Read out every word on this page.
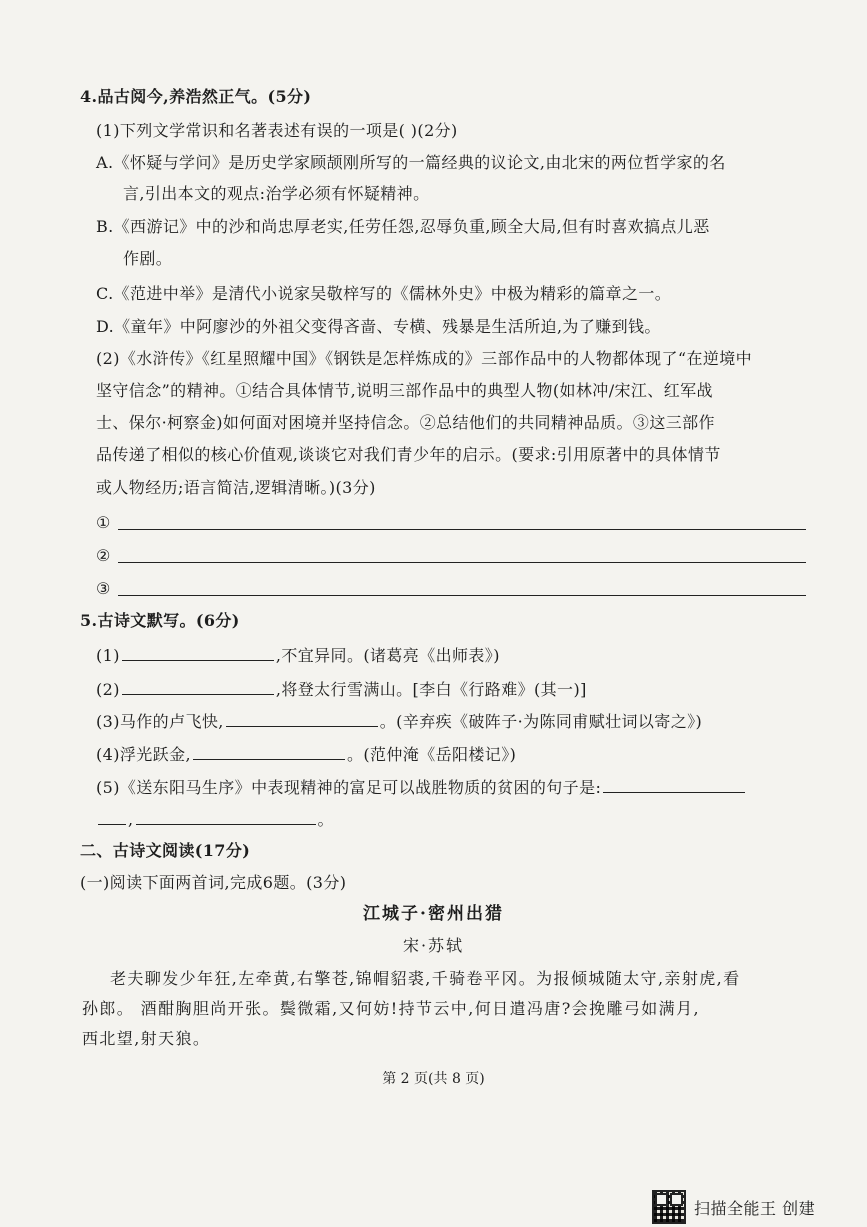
4.品古阅今,养浩然正气。(5分)
(1)下列文学常识和名著表述有误的一项是( )(2分)
A.《怀疑与学问》是历史学家顾颉刚所写的一篇经典的议论文,由北宋的两位哲学家的名
言,引出本文的观点:治学必须有怀疑精神。
B.《西游记》中的沙和尚忠厚老实,任劳任怨,忍辱负重,顾全大局,但有时喜欢搞点儿恶
作剧。
C.《范进中举》是清代小说家吴敬梓写的《儒林外史》中极为精彩的篇章之一。
D.《童年》中阿廖沙的外祖父变得吝啬、专横、残暴是生活所迫,为了赚到钱。
(2)《水浒传》《红星照耀中国》《钢铁是怎样炼成的》三部作品中的人物都体现了“在逆境中
坚守信念”的精神。①结合具体情节,说明三部作品中的典型人物(如林冲/宋江、红军战
士、保尔·柯察金)如何面对困境并坚持信念。②总结他们的共同精神品质。③这三部作
品传递了相似的核心价值观,谈谈它对我们青少年的启示。(要求:引用原著中的具体情节
或人物经历;语言简洁,逻辑清晰。)(3分)
①
②
③
5.古诗文默写。(6分)
(1)	,不宜异同。(诸葛亮《出师表》)
(2)	,将登太行雪满山。[李白《行路难》(其一)]
(3)马作的卢飞快,	。(辛弃疾《破阵子·为陈同甫赋壮词以寄之》)
(4)浮光跃金,	。(范仲淹《岳阳楼记》)
(5)《送东阳马生序》中表现精神的富足可以战胜物质的贫困的句子是:
,	。
二、古诗文阅读(17分)
(一)阅读下面两首词,完成6题。(3分)
江城子·密州出猎
宋·苏轼
老夫聊发少年狂,左牵黄,右擎苍,锦帽貂裘,千骑卷平冈。为报倾城随太守,亲射虎,看
孙郎。 酒酣胸胆尚开张。鬓微霜,又何妨!持节云中,何日遣冯唐?会挽雕弓如满月,
西北望,射天狼。
第 2 页(共 8 页)
扫描全能王 创建
